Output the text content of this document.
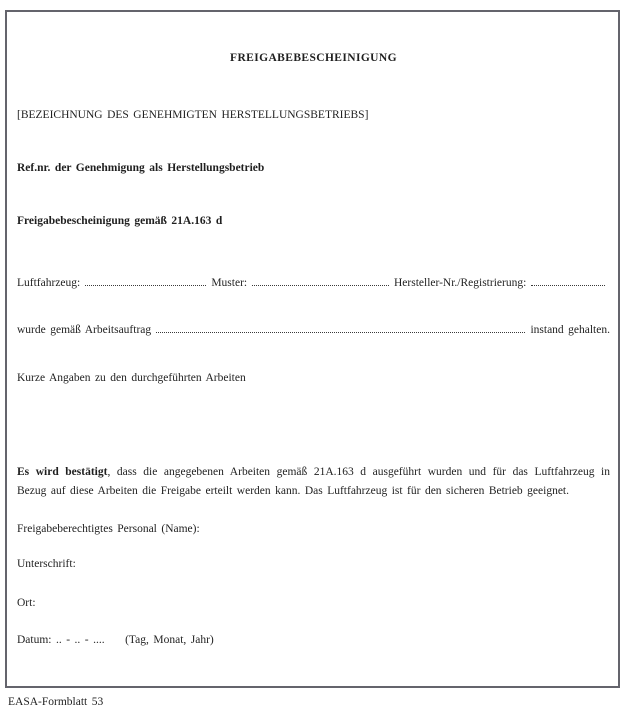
FREIGABEBESCHEINIGUNG
[BEZEICHNUNG DES GENEHMIGTEN HERSTELLUNGSBETRIEBS]
Ref.nr. der Genehmigung als Herstellungsbetrieb
Freigabebescheinigung gemäß 21A.163 d
Luftfahrzeug:	Muster:	Hersteller-Nr./Registrierung:
wurde gemäß Arbeitsauftrag	instand gehalten.
Kurze Angaben zu den durchgeführten Arbeiten
Es wird bestätigt, dass die angegebenen Arbeiten gemäß 21A.163 d ausgeführt wurden und für das Luftfahrzeug in Bezug auf diese Arbeiten die Freigabe erteilt werden kann. Das Luftfahrzeug ist für den sicheren Betrieb geeignet.
Freigabeberechtigtes Personal (Name):
Unterschrift:
Ort:
Datum: .. - .. - .... (Tag, Monat, Jahr)
EASA-Formblatt 53
